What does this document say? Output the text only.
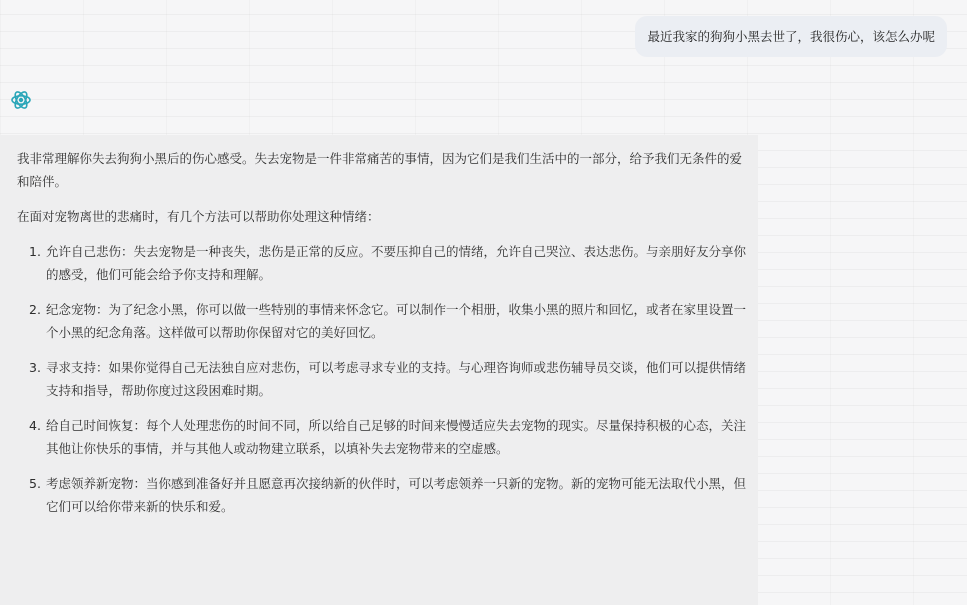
最近我家的狗狗小黑去世了，我很伤心，该怎么办呢

我非常理解你失去狗狗小黑后的伤心感受。失去宠物是一件非常痛苦的事情，因为它们是我们生活中的一部分，给予我们无条件的爱和陪伴。

在面对宠物离世的悲痛时，有几个方法可以帮助你处理这种情绪：

1. 允许自己悲伤：失去宠物是一种丧失，悲伤是正常的反应。不要压抑自己的情绪，允许自己哭泣、表达悲伤。与亲朋好友分享你的感受，他们可能会给予你支持和理解。
2. 纪念宠物：为了纪念小黑，你可以做一些特别的事情来怀念它。可以制作一个相册，收集小黑的照片和回忆，或者在家里设置一个小黑的纪念角落。这样做可以帮助你保留对它的美好回忆。
3. 寻求支持：如果你觉得自己无法独自应对悲伤，可以考虑寻求专业的支持。与心理咨询师或悲伤辅导员交谈，他们可以提供情绪支持和指导，帮助你度过这段困难时期。
4. 给自己时间恢复：每个人处理悲伤的时间不同，所以给自己足够的时间来慢慢适应失去宠物的现实。尽量保持积极的心态，关注其他让你快乐的事情，并与其他人或动物建立联系，以填补失去宠物带来的空虚感。
5. 考虑领养新宠物：当你感到准备好并且愿意再次接纳新的伙伴时，可以考虑领养一只新的宠物。新的宠物可能无法取代小黑，但它们可以给你带来新的快乐和爱。
